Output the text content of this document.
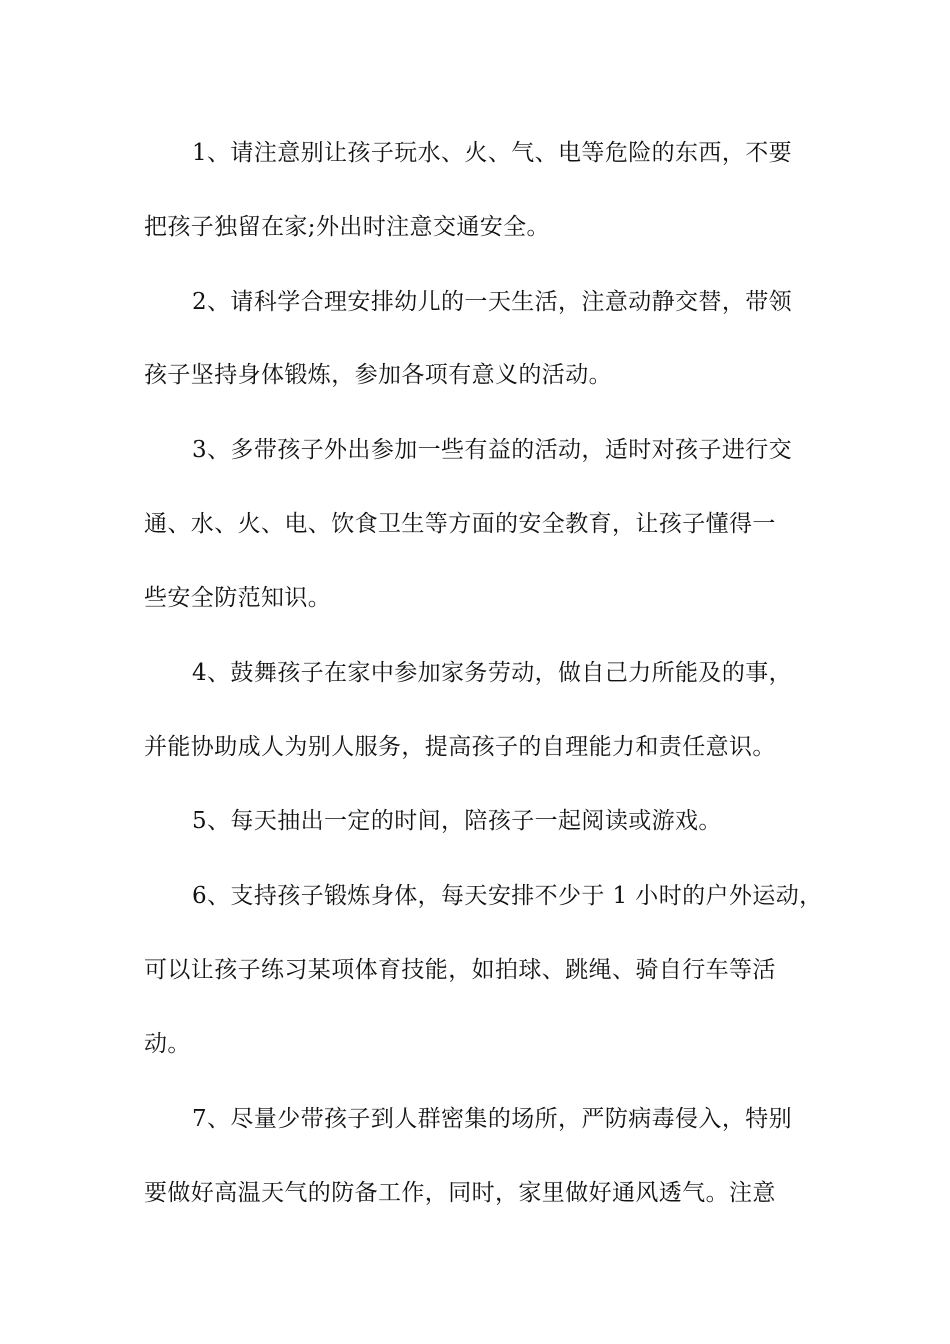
1、请注意别让孩子玩水、火、气、电等危险的东西，不要
把孩子独留在家;外出时注意交通安全。
2、请科学合理安排幼儿的一天生活，注意动静交替，带领
孩子坚持身体锻炼，参加各项有意义的活动。
3、多带孩子外出参加一些有益的活动，适时对孩子进行交
通、水、火、电、饮食卫生等方面的安全教育，让孩子懂得一
些安全防范知识。
4、鼓舞孩子在家中参加家务劳动，做自己力所能及的事，
并能协助成人为别人服务，提高孩子的自理能力和责任意识。
5、每天抽出一定的时间，陪孩子一起阅读或游戏。
6、支持孩子锻炼身体，每天安排不少于 1 小时的户外运动，
可以让孩子练习某项体育技能，如拍球、跳绳、骑自行车等活
动。
7、尽量少带孩子到人群密集的场所，严防病毒侵入，特别
要做好高温天气的防备工作，同时，家里做好通风透气。注意
